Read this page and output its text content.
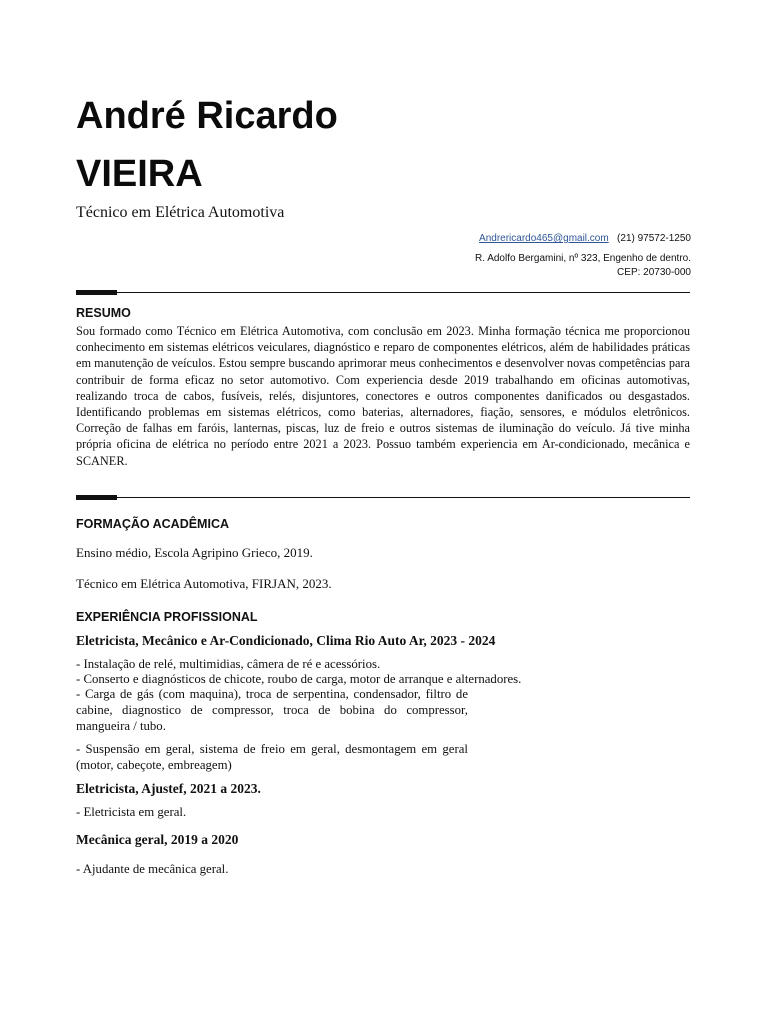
André Ricardo
VIEIRA
Técnico em Elétrica Automotiva
Andrericardo465@gmail.com (21) 97572-1250
R. Adolfo Bergamini, nº 323, Engenho de dentro.
CEP: 20730-000
RESUMO

Sou formado como Técnico em Elétrica Automotiva, com conclusão em 2023. Minha formação técnica me proporcionou conhecimento em sistemas elétricos veiculares, diagnóstico e reparo de componentes elétricos, além de habilidades práticas em manutenção de veículos. Estou sempre buscando aprimorar meus conhecimentos e desenvolver novas competências para contribuir de forma eficaz no setor automotivo. Com experiencia desde 2019 trabalhando em oficinas automotivas, realizando troca de cabos, fusíveis, relés, disjuntores, conectores e outros componentes danificados ou desgastados. Identificando problemas em sistemas elétricos, como baterias, alternadores, fiação, sensores, e módulos eletrônicos. Correção de falhas em faróis, lanternas, piscas, luz de freio e outros sistemas de iluminação do veículo. Já tive minha própria oficina de elétrica no período entre 2021 a 2023. Possuo também experiencia em Ar-condicionado, mecânica e SCANER.

FORMAÇÃO ACADÊMICA

Ensino médio, Escola Agripino Grieco, 2019.

Técnico em Elétrica Automotiva, FIRJAN, 2023.

EXPERIÊNCIA PROFISSIONAL

Eletricista, Mecânico e Ar-Condicionado, Clima Rio Auto Ar, 2023 - 2024

- Instalação de relé, multimidias, câmera de ré e acessórios.

- Conserto e diagnósticos de chicote, roubo de carga, motor de arranque e alternadores.

- Carga de gás (com maquina), troca de serpentina, condensador, filtro de cabine, diagnostico de compressor, troca de bobina do compressor, mangueira / tubo.

- Suspensão em geral, sistema de freio em geral, desmontagem em geral (motor, cabeçote, embreagem)

Eletricista, Ajustef, 2021 a 2023.

- Eletricista em geral.

Mecânica geral, 2019 a 2020

- Ajudante de mecânica geral.
